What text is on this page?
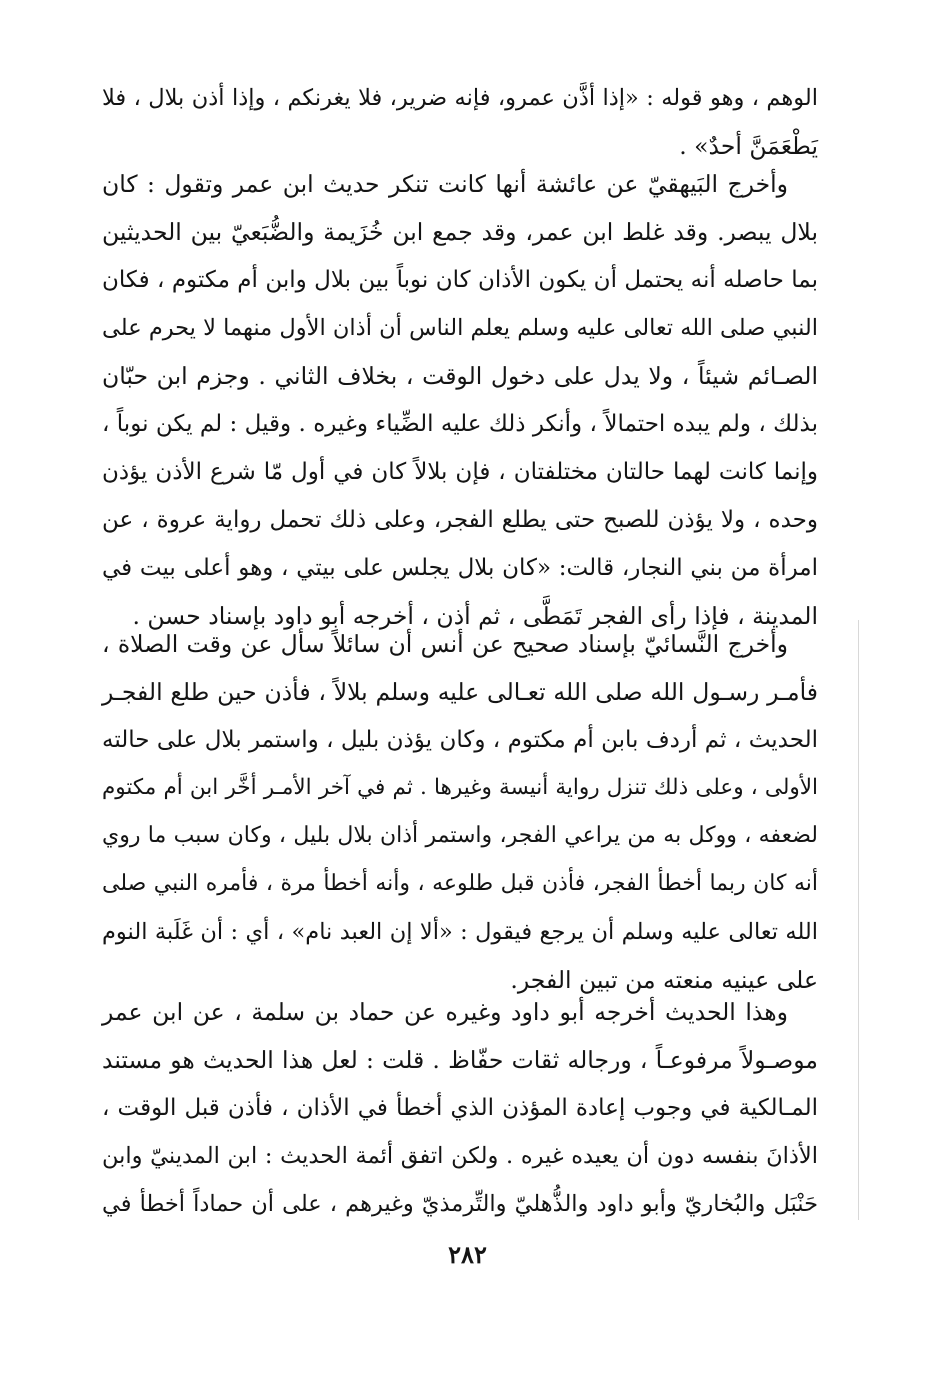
الوهم ، وهو قوله : «إذا أذَّن عمرو، فإنه ضرير، فلا يغرنكم ، وإذا أذن بلال ، فلا
يَطْعَمَنَّ أحدٌ» .
وأخرج البَيهقيّ عن عائشة أنها كانت تنكر حديث ابن عمر وتقول : كان
بلال يبصر. وقد غلط ابن عمر، وقد جمع ابن خُزَيمة والضُّبَعيّ بين الحديثين
بما حاصله أنه يحتمل أن يكون الأذان كان نوباً بين بلال وابن أم مكتوم ، فكان
النبي صلى الله تعالى عليه وسلم يعلم الناس أن أذان الأول منهما لا يحرم على
الصـائم شيئاً ، ولا يدل على دخول الوقت ، بخلاف الثاني . وجزم ابن حبّان
بذلك ، ولم يبده احتمالاً ، وأنكر ذلك عليه الضِّياء وغيره . وقيل : لم يكن نوباً ،
وإنما كانت لهما حالتان مختلفتان ، فإن بلالاً كان في أول مّا شرع الأذن يؤذن
وحده ، ولا يؤذن للصبح حتى يطلع الفجر، وعلى ذلك تحمل رواية عروة ، عن
امرأة من بني النجار، قالت: «كان بلال يجلس على بيتي ، وهو أعلى بيت في
المدينة ، فإذا رأى الفجر تَمَطَّى ، ثم أذن ، أخرجه أبو داود بإسناد حسن .
وأخرج النَّسائيّ بإسناد صحيح عن أنس أن سائلاً سأل عن وقت الصلاة ،
فأمـر رسـول الله صلى الله تعـالى عليه وسلم بلالاً ، فأذن حين طلع الفجـر
الحديث ، ثم أردف بابن أم مكتوم ، وكان يؤذن بليل ، واستمر بلال على حالته
الأولى ، وعلى ذلك تنزل رواية أنيسة وغيرها . ثم في آخر الأمـر أخَّر ابن أم مكتوم
لضعفه ، ووكل به من يراعي الفجر، واستمر أذان بلال بليل ، وكان سبب ما روي
أنه كان ربما أخطأ الفجر، فأذن قبل طلوعه ، وأنه أخطأ مرة ، فأمره النبي صلى
الله تعالى عليه وسلم أن يرجع فيقول : «ألا إن العبد نام» ، أي : أن غَلَبة النوم
على عينيه منعته من تبين الفجر.
وهذا الحديث أخرجه أبو داود وغيره عن حماد بن سلمة ، عن ابن عمر
موصـولاً مرفوعـاً ، ورجاله ثقات حفّاظ . قلت : لعل هذا الحديث هو مستند
المـالكية في وجوب إعادة المؤذن الذي أخطأ في الأذان ، فأذن قبل الوقت ،
الأذانَ بنفسه دون أن يعيده غيره . ولكن اتفق أئمة الحديث : ابن المدينيّ وابن
حَنْبَل والبُخاريّ وأبو داود والذُّهليّ والتِّرمذيّ وغيرهم ، على أن حماداً أخطأ في
٢٨٢
